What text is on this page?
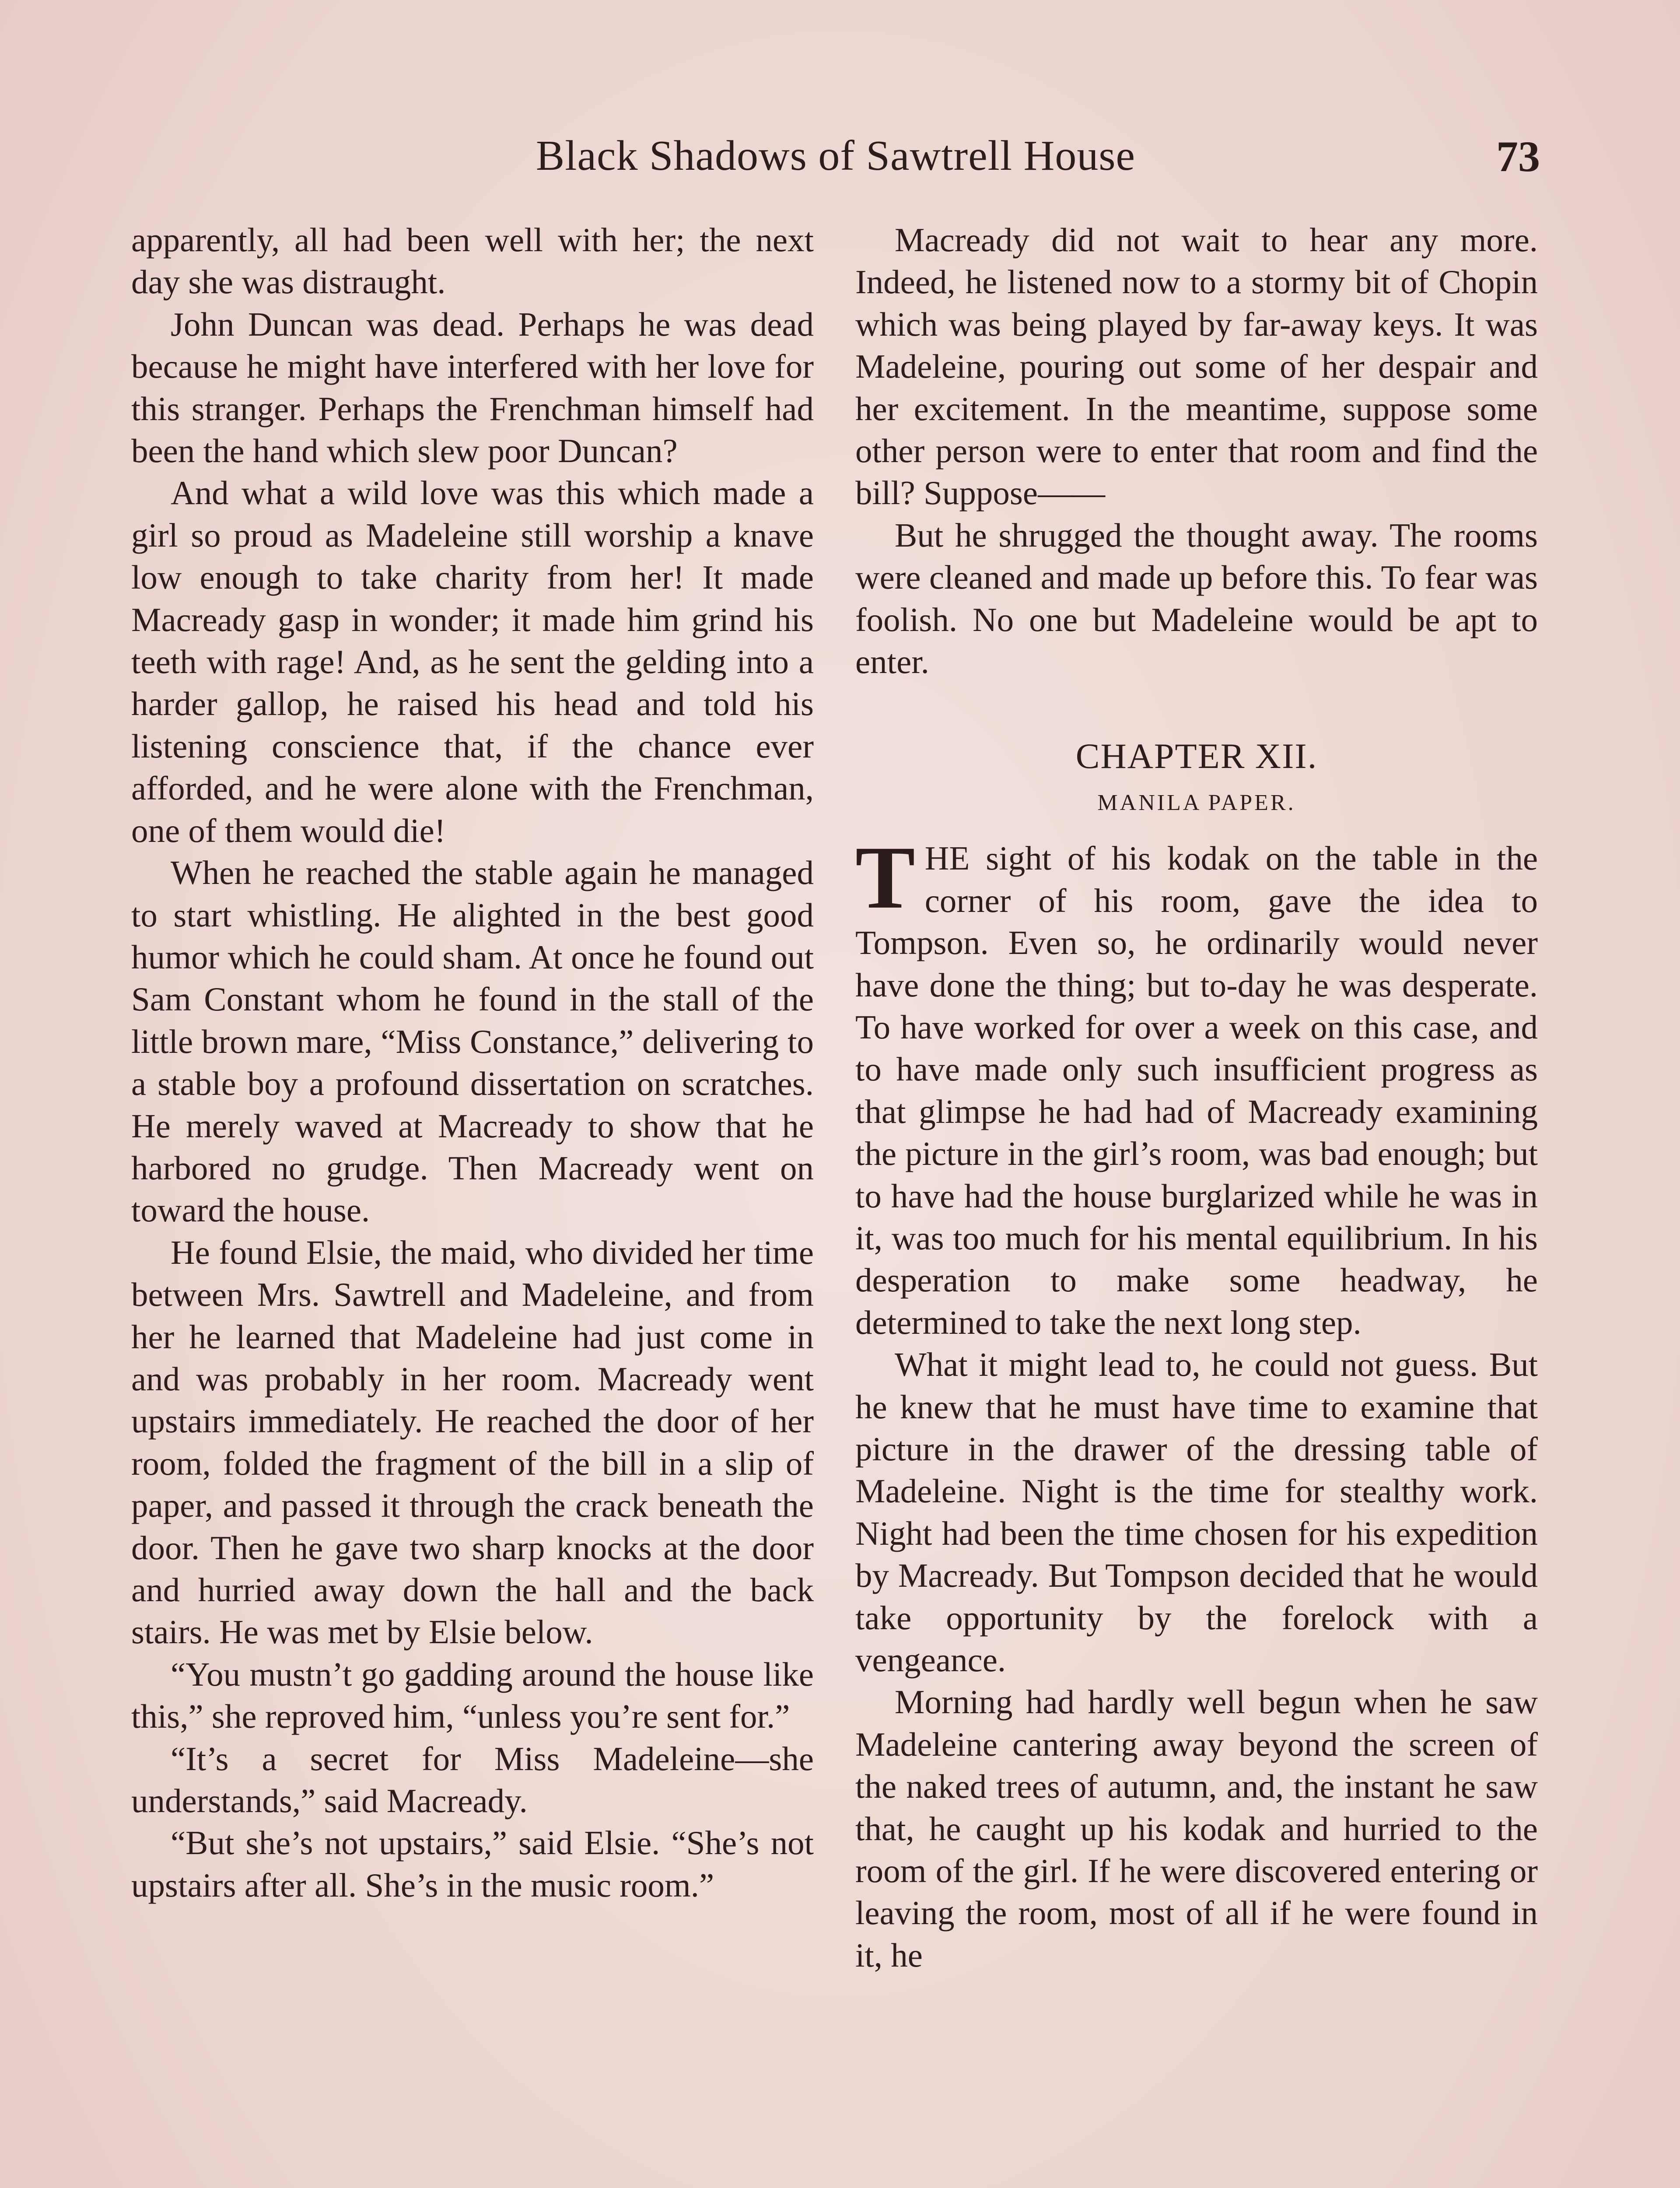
Black Shadows of Sawtrell House	73

apparently, all had been well with her; the next day she was distraught.

John Duncan was dead. Perhaps he was dead because he might have interfered with her love for this stranger. Perhaps the Frenchman himself had been the hand which slew poor Duncan?

And what a wild love was this which made a girl so proud as Madeleine still worship a knave low enough to take charity from her! It made Macready gasp in wonder; it made him grind his teeth with rage! And, as he sent the gelding into a harder gallop, he raised his head and told his listening conscience that, if the chance ever afforded, and he were alone with the Frenchman, one of them would die!

When he reached the stable again he managed to start whistling. He alighted in the best good humor which he could sham. At once he found out Sam Constant whom he found in the stall of the little brown mare, “Miss Constance,” delivering to a stable boy a profound dissertation on scratches. He merely waved at Macready to show that he harbored no grudge. Then Macready went on toward the house.

He found Elsie, the maid, who divided her time between Mrs. Sawtrell and Madeleine, and from her he learned that Madeleine had just come in and was probably in her room. Macready went upstairs immediately. He reached the door of her room, folded the fragment of the bill in a slip of paper, and passed it through the crack beneath the door. Then he gave two sharp knocks at the door and hurried away down the hall and the back stairs. He was met by Elsie below.

“You mustn’t go gadding around the house like this,” she reproved him, “unless you’re sent for.”

“It’s a secret for Miss Madeleine—she understands,” said Macready.

“But she’s not upstairs,” said Elsie. “She’s not upstairs after all. She’s in the music room.”

Macready did not wait to hear any more. Indeed, he listened now to a stormy bit of Chopin which was being played by far-away keys. It was Madeleine, pouring out some of her despair and her excitement. In the meantime, suppose some other person were to enter that room and find the bill? Suppose——

But he shrugged the thought away. The rooms were cleaned and made up before this. To fear was foolish. No one but Madeleine would be apt to enter.

CHAPTER XII.
MANILA PAPER.

THE sight of his kodak on the table in the corner of his room, gave the idea to Tompson. Even so, he ordinarily would never have done the thing; but to-day he was desperate. To have worked for over a week on this case, and to have made only such insufficient progress as that glimpse he had had of Macready examining the picture in the girl’s room, was bad enough; but to have had the house burglarized while he was in it, was too much for his mental equilibrium. In his desperation to make some headway, he determined to take the next long step.

What it might lead to, he could not guess. But he knew that he must have time to examine that picture in the drawer of the dressing table of Madeleine. Night is the time for stealthy work. Night had been the time chosen for his expedition by Macready. But Tompson decided that he would take opportunity by the forelock with a vengeance.

Morning had hardly well begun when he saw Madeleine cantering away beyond the screen of the naked trees of autumn, and, the instant he saw that, he caught up his kodak and hurried to the room of the girl. If he were discovered entering or leaving the room, most of all if he were found in it, he
